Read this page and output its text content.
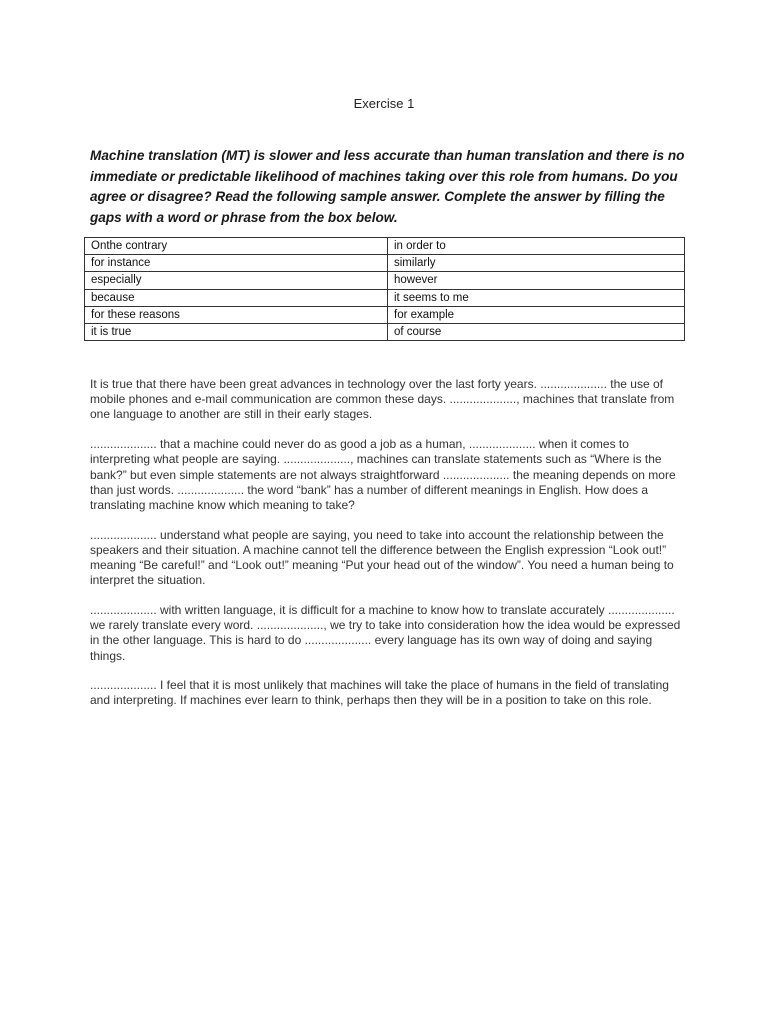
Exercise 1
Machine translation (MT) is slower and less accurate than human translation and there is no immediate or predictable likelihood of machines taking over this role from humans. Do you agree or disagree? Read the following sample answer. Complete the answer by filling the gaps with a word or phrase from the box below.
Onthe contrary	in order to
for instance	similarly
especially	however
because	it seems to me
for these reasons	for example
it is true	of course

It is true that there have been great advances in technology over the last forty years. .................... the use of mobile phones and e-mail communication are common these days. ...................., machines that translate from one language to another are still in their early stages.

.................... that a machine could never do as good a job as a human, .................... when it comes to interpreting what people are saying. ...................., machines can translate statements such as “Where is the bank?” but even simple statements are not always straightforward .................... the meaning depends on more than just words. .................... the word “bank” has a number of different meanings in English. How does a translating machine know which meaning to take?

.................... understand what people are saying, you need to take into account the relationship between the speakers and their situation. A machine cannot tell the difference between the English expression “Look out!” meaning “Be careful!” and “Look out!” meaning “Put your head out of the window”. You need a human being to interpret the situation.

.................... with written language, it is difficult for a machine to know how to translate accurately .................... we rarely translate every word. ...................., we try to take into consideration how the idea would be expressed in the other language. This is hard to do .................... every language has its own way of doing and saying things.

.................... I feel that it is most unlikely that machines will take the place of humans in the field of translating and interpreting. If machines ever learn to think, perhaps then they will be in a position to take on this role.
